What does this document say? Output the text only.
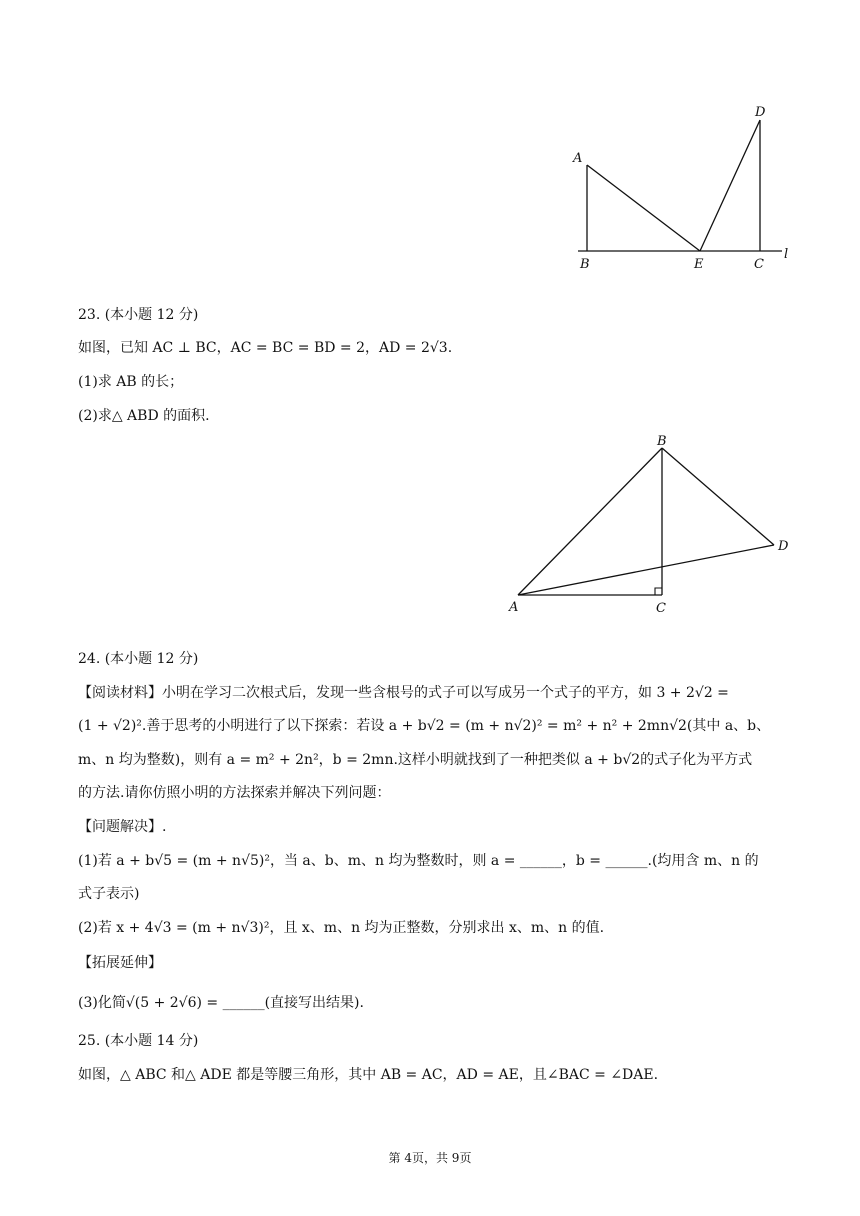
A
B	E	C
D
l
23. (本小题 12 分)
如图，已知 AC ⊥ BC，AC = BC = BD = 2，AD = 2√3.
(1)求 AB 的长；
(2)求△ ABD 的面积.
A
B
C
D
24. (本小题 12 分)
【阅读材料】小明在学习二次根式后，发现一些含根号的式子可以写成另一个式子的平方，如 3 + 2√2 =
(1 + √2)².善于思考的小明进行了以下探索：若设 a + b√2 = (m + n√2)² = m² + n² + 2mn√2(其中 a、b、
m、n 均为整数)，则有 a = m² + 2n²，b = 2mn.这样小明就找到了一种把类似 a + b√2的式子化为平方式
的方法.请你仿照小明的方法探索并解决下列问题：
【问题解决】.
(1)若 a + b√5 = (m + n√5)²，当 a、b、m、n 均为整数时，则 a = ______，b = ______.(均用含 m、n 的
式子表示)
(2)若 x + 4√3 = (m + n√3)²，且 x、m、n 均为正整数，分别求出 x、m、n 的值.
【拓展延伸】
(3)化简√(5 + 2√6) = ______(直接写出结果).
25. (本小题 14 分)
如图，△ ABC 和△ ADE 都是等腰三角形，其中 AB = AC，AD = AE，且∠BAC = ∠DAE.
第 4页，共 9页
